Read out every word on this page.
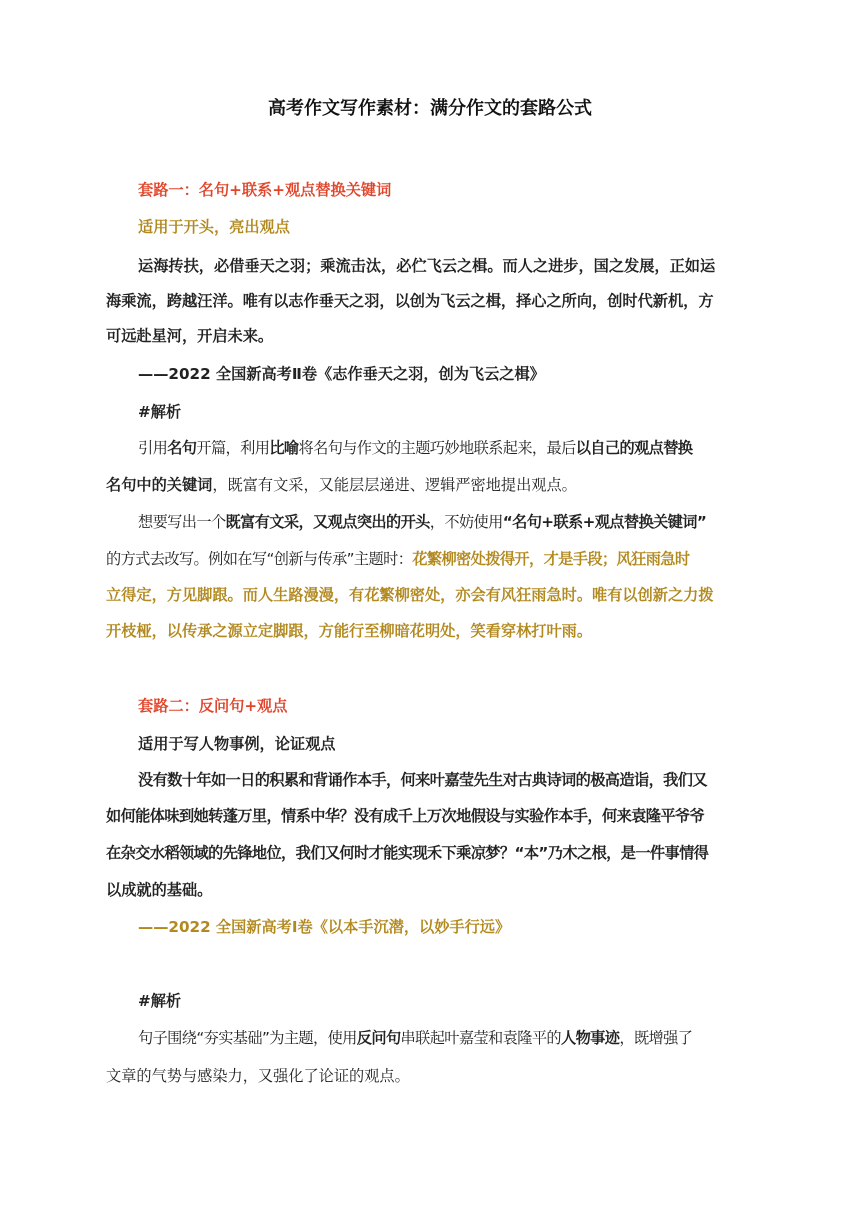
高考作文写作素材：满分作文的套路公式
套路一：名句+联系+观点替换关键词
适用于开头，亮出观点
运海抟扶，必借垂天之羽；乘流击汰，必伫飞云之楫。而人之进步，国之发展，正如运
海乘流，跨越汪洋。唯有以志作垂天之羽，以创为飞云之楫，择心之所向，创时代新机，方
可远赴星河，开启未来。
——2022 全国新高考Ⅱ卷《志作垂天之羽，创为飞云之楫》
#解析
引用名句开篇，利用比喻将名句与作文的主题巧妙地联系起来，最后以自己的观点替换
名句中的关键词，既富有文采，又能层层递进、逻辑严密地提出观点。
想要写出一个既富有文采，又观点突出的开头，不妨使用“名句+联系+观点替换关键词”
的方式去改写。例如在写“创新与传承”主题时：花繁柳密处拨得开，才是手段；风狂雨急时
立得定，方见脚跟。而人生路漫漫，有花繁柳密处，亦会有风狂雨急时。唯有以创新之力拨
开枝桠，以传承之源立定脚跟，方能行至柳暗花明处，笑看穿林打叶雨。
套路二：反问句+观点
适用于写人物事例，论证观点
没有数十年如一日的积累和背诵作本手，何来叶嘉莹先生对古典诗词的极高造诣，我们又
如何能体味到她转蓬万里，情系中华？没有成千上万次地假设与实验作本手，何来袁隆平爷爷
在杂交水稻领域的先锋地位，我们又何时才能实现禾下乘凉梦？“本”乃木之根，是一件事情得
以成就的基础。
——2022 全国新高考Ⅰ卷《以本手沉潜，以妙手行远》
#解析
句子围绕“夯实基础”为主题，使用反问句串联起叶嘉莹和袁隆平的人物事迹，既增强了
文章的气势与感染力，又强化了论证的观点。
